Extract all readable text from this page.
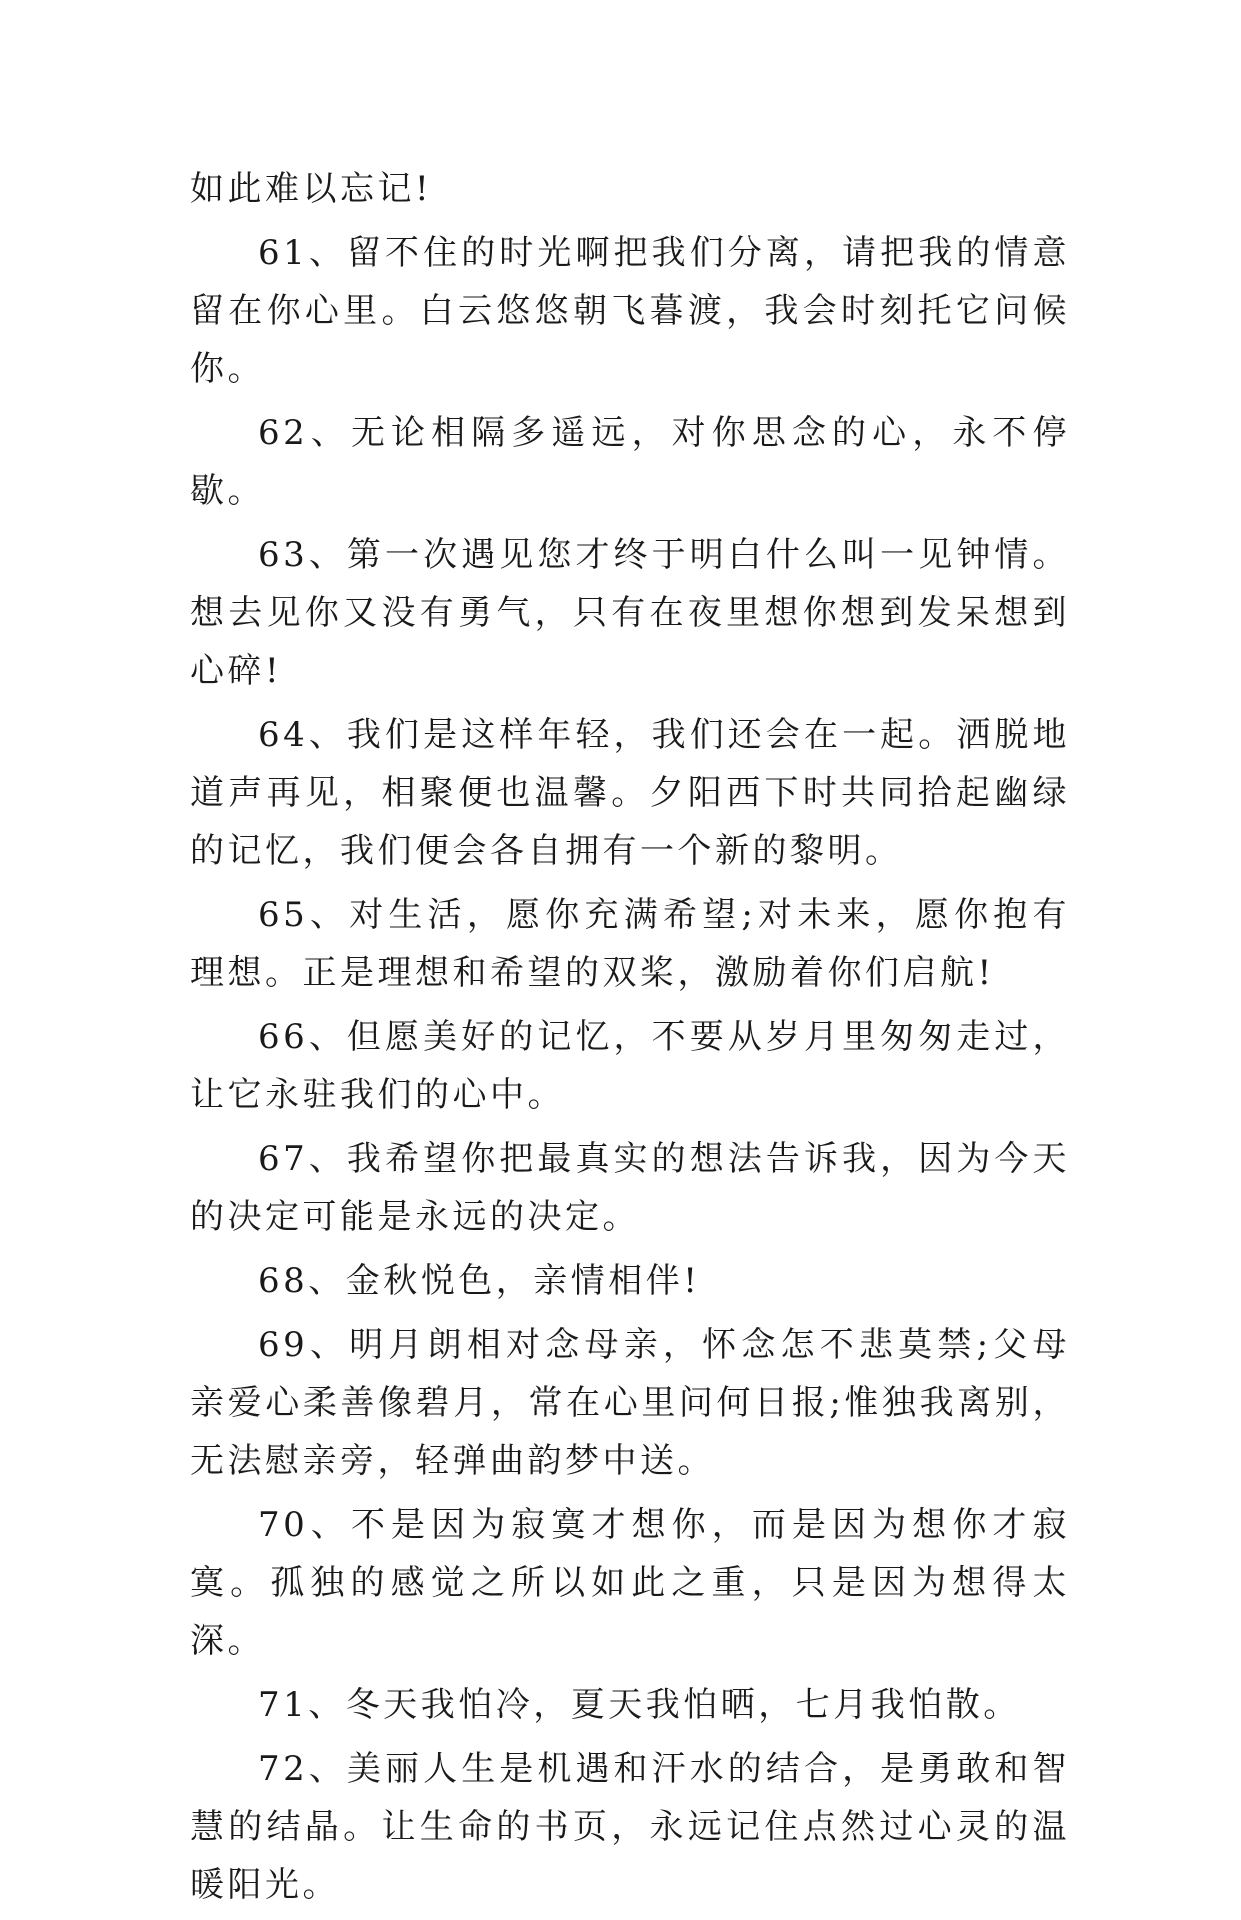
如此难以忘记!

61、留不住的时光啊把我们分离，请把我的情意留在你心里。白云悠悠朝飞暮渡，我会时刻托它问候你。

62、无论相隔多遥远，对你思念的心，永不停歇。

63、第一次遇见您才终于明白什么叫一见钟情。想去见你又没有勇气，只有在夜里想你想到发呆想到心碎!

64、我们是这样年轻，我们还会在一起。洒脱地道声再见，相聚便也温馨。夕阳西下时共同拾起幽绿的记忆，我们便会各自拥有一个新的黎明。

65、对生活，愿你充满希望;对未来，愿你抱有理想。正是理想和希望的双桨，激励着你们启航!

66、但愿美好的记忆，不要从岁月里匆匆走过，让它永驻我们的心中。

67、我希望你把最真实的想法告诉我，因为今天的决定可能是永远的决定。

68、金秋悦色，亲情相伴!

69、明月朗相对念母亲，怀念怎不悲莫禁;父母亲爱心柔善像碧月，常在心里问何日报;惟独我离别，无法慰亲旁，轻弹曲韵梦中送。

70、不是因为寂寞才想你，而是因为想你才寂寞。孤独的感觉之所以如此之重，只是因为想得太深。

71、冬天我怕冷，夏天我怕晒，七月我怕散。

72、美丽人生是机遇和汗水的结合，是勇敢和智慧的结晶。让生命的书页，永远记住点然过心灵的温暖阳光。
